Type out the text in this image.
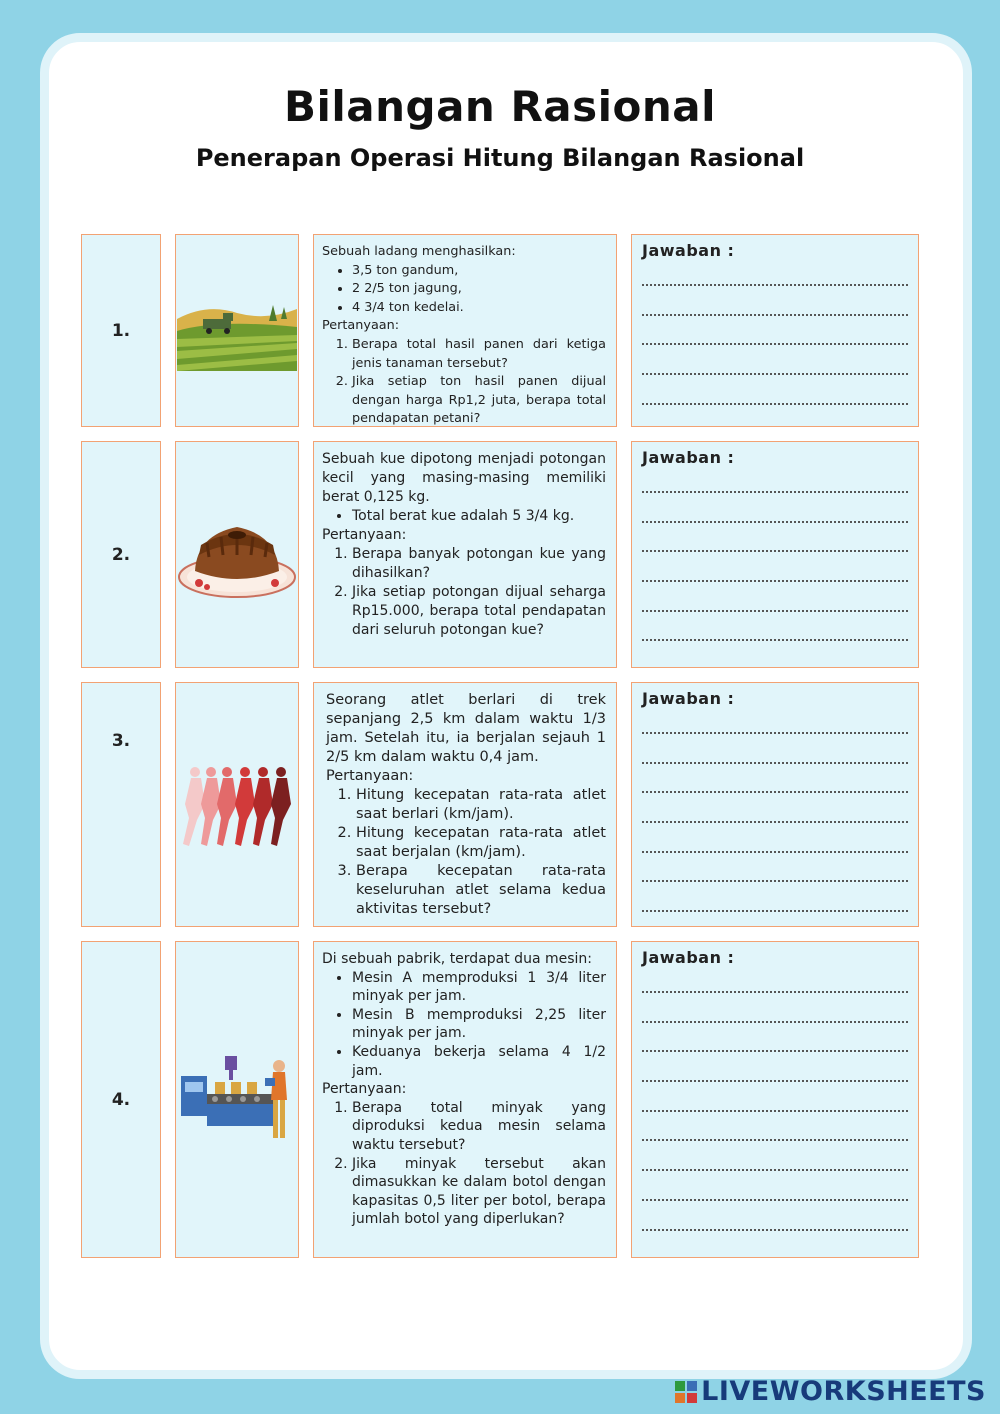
Bilangan Rasional
Penerapan Operasi Hitung Bilangan Rasional
1.

Sebuah ladang menghasilkan:

• 3,5 ton gandum,
• 2 2/5 ton jagung,
• 4 3/4 ton kedelai.

Pertanyaan:

1. Berapa total hasil panen dari ketiga jenis tanaman tersebut?
2. Jika setiap ton hasil panen dijual dengan harga Rp1,2 juta, berapa total pendapatan petani?
Jawaban :
2.

Sebuah kue dipotong menjadi potongan kecil yang masing-masing memiliki berat 0,125 kg.

• Total berat kue adalah 5 3/4 kg.

Pertanyaan:

1. Berapa banyak potongan kue yang dihasilkan?
2. Jika setiap potongan dijual seharga Rp15.000, berapa total pendapatan dari seluruh potongan kue?
Jawaban :
3.

Seorang atlet berlari di trek sepanjang 2,5 km dalam waktu 1/3 jam. Setelah itu, ia berjalan sejauh 1 2/5 km dalam waktu 0,4 jam.

Pertanyaan:

1. Hitung kecepatan rata-rata atlet saat berlari (km/jam).
2. Hitung kecepatan rata-rata atlet saat berjalan (km/jam).
3. Berapa kecepatan rata-rata keseluruhan atlet selama kedua aktivitas tersebut?
Jawaban :
4.

Di sebuah pabrik, terdapat dua mesin:

• Mesin A memproduksi 1 3/4 liter minyak per jam.
• Mesin B memproduksi 2,25 liter minyak per jam.
• Keduanya bekerja selama 4 1/2 jam.

Pertanyaan:

1. Berapa total minyak yang diproduksi kedua mesin selama waktu tersebut?
2. Jika minyak tersebut akan dimasukkan ke dalam botol dengan kapasitas 0,5 liter per botol, berapa jumlah botol yang diperlukan?
Jawaban :
LIVEWORKSHEETS
